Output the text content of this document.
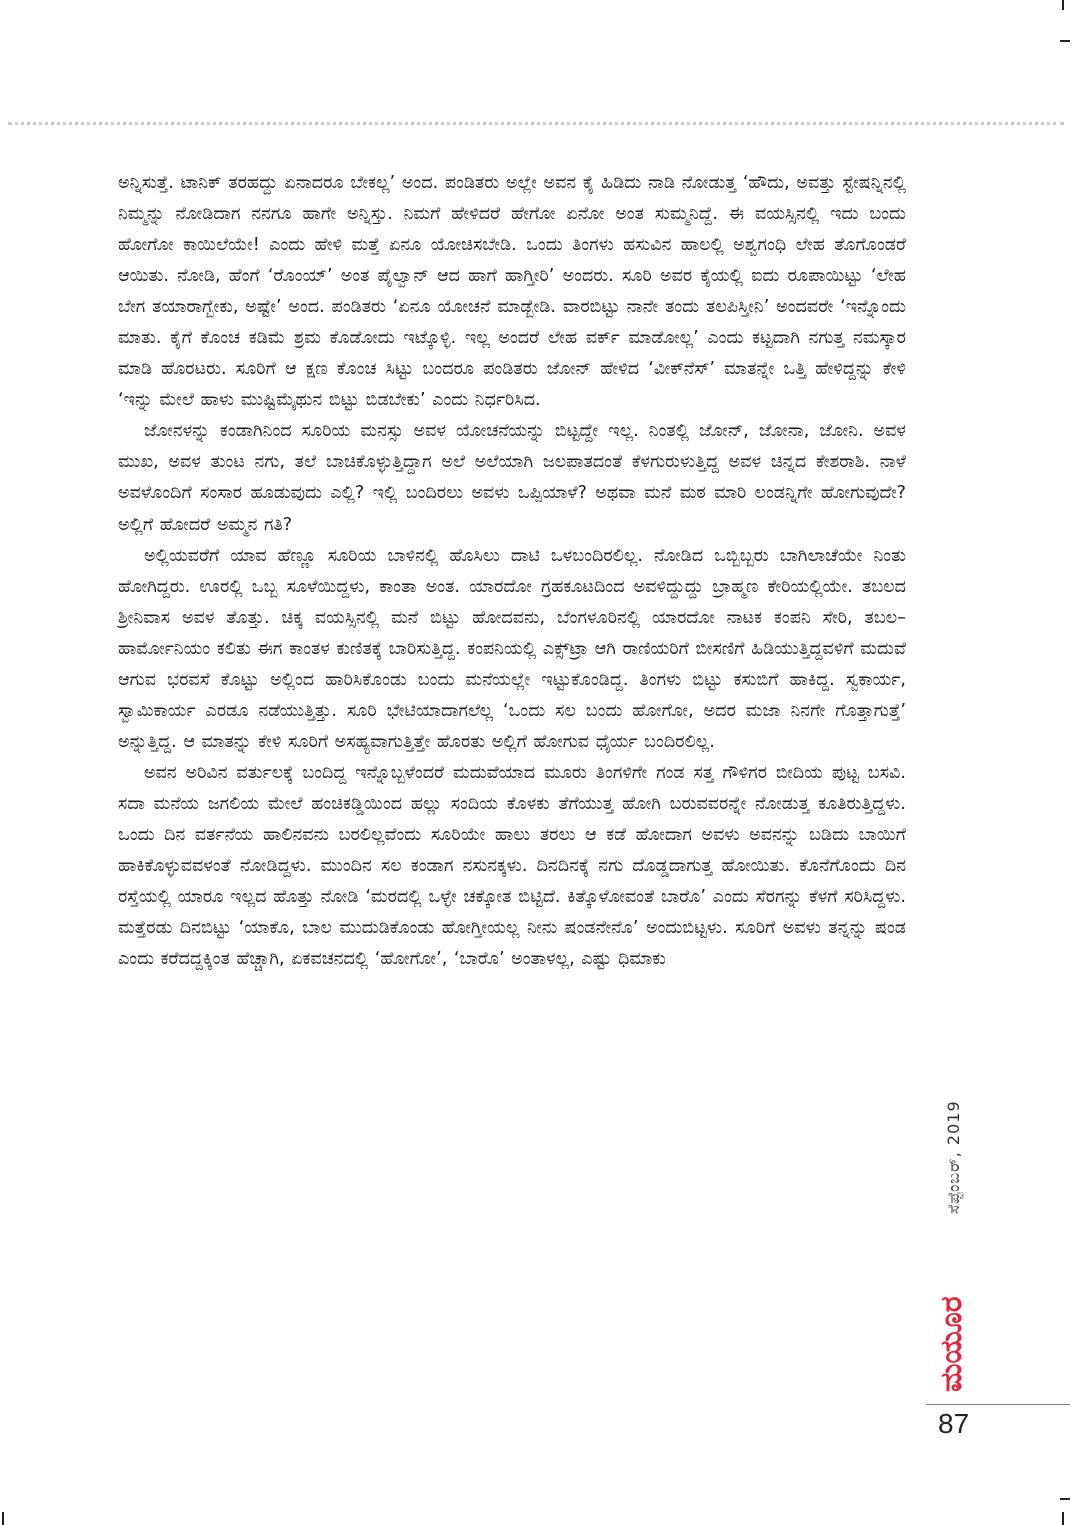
ಅನ್ನಿಸುತ್ತೆ. ಟಾನಿಕ್ ತರಹದ್ದು ಏನಾದರೂ ಬೇಕಲ್ಲ’ ಅಂದ. ಪಂಡಿತರು ಅಲ್ಲೇ ಅವನ ಕೈ ಹಿಡಿದು ನಾಡಿ ನೋಡುತ್ತ ‘ಹೌದು, ಅವತ್ತು ಸ್ಟೇಷನ್ನಿನಲ್ಲಿ ನಿಮ್ಮನ್ನು ನೋಡಿದಾಗ ನನಗೂ ಹಾಗೇ ಅನ್ನಿಸ್ತು. ನಿಮಗೆ ಹೇಳಿದರೆ ಹೇಗೋ ಏನೋ ಅಂತ ಸುಮ್ಮನಿದ್ದೆ. ಈ ವಯಸ್ಸಿನಲ್ಲಿ ಇದು ಬಂದು ಹೋಗೋ ಕಾಯಿಲೆಯೇ! ಎಂದು ಹೇಳಿ ಮತ್ತೆ ಏನೂ ಯೋಚಿಸಬೇಡಿ. ಒಂದು ತಿಂಗಳು ಹಸುವಿನ ಹಾಲಲ್ಲಿ ಅಶ್ವಗಂಧಿ ಲೇಹ ತೊಗೊಂಡರೆ ಆಯಿತು. ನೋಡಿ, ಹೆಂಗೆ ‘ರೊಂಯ್’ ಅಂತ ಪೈಲ್ವಾನ್ ಆದ ಹಾಗೆ ಹಾಗ್ತೀರಿ’ ಅಂದರು. ಸೂರಿ ಅವರ ಕೈಯಲ್ಲಿ ಐದು ರೂಪಾಯಿಟ್ಟು ‘ಲೇಹ ಬೇಗ ತಯಾರಾಗ್ಬೇಕು, ಅಷ್ಟೇ’ ಅಂದ. ಪಂಡಿತರು ‘ಏನೂ ಯೋಚನೆ ಮಾಡ್ಬೇಡಿ. ವಾರಬಿಟ್ಟು ನಾನೇ ತಂದು ತಲಪಿಸ್ತೀನಿ’ ಅಂದವರೇ ‘ಇನ್ನೊಂದು ಮಾತು. ಕೈಗೆ ಕೊಂಚ ಕಡಿಮೆ ಶ್ರಮ ಕೊಡೋದು ಇಟ್ಕೊಳ್ಳಿ. ಇಲ್ಲ ಅಂದರೆ ಲೇಹ ವರ್ಕ್ ಮಾಡೋಲ್ಲ’ ಎಂದು ಕಟ್ಟದಾಗಿ ನಗುತ್ತ ನಮಸ್ಕಾರ ಮಾಡಿ ಹೊರಟರು. ಸೂರಿಗೆ ಆ ಕ್ಷಣ ಕೊಂಚ ಸಿಟ್ಟು ಬಂದರೂ ಪಂಡಿತರು ಜೋನ್ ಹೇಳಿದ ‘ವೀಕ್‌ನೆಸ್’ ಮಾತನ್ನೇ ಒತ್ತಿ ಹೇಳಿದ್ದನ್ನು ಕೇಳಿ ‘ಇನ್ನು ಮೇಲೆ ಹಾಳು ಮುಷ್ಟಿಮೈಥುನ ಬಿಟ್ಟು ಬಿಡಬೇಕು’ ಎಂದು ನಿರ್ಧರಿಸಿದ.

ಜೋನಳನ್ನು ಕಂಡಾಗಿನಿಂದ ಸೂರಿಯ ಮನಸ್ಸು ಅವಳ ಯೋಚನೆಯನ್ನು ಬಿಟ್ಟದ್ದೇ ಇಲ್ಲ. ನಿಂತಲ್ಲಿ ಜೋನ್, ಜೋನಾ, ಜೋನಿ. ಅವಳ ಮುಖ, ಅವಳ ತುಂಟ ನಗು, ತಲೆ ಬಾಚಿಕೊಳ್ಳುತ್ತಿದ್ದಾಗ ಅಲೆ ಅಲೆಯಾಗಿ ಜಲಪಾತದಂತೆ ಕೆಳಗುರುಳುತ್ತಿದ್ದ ಅವಳ ಚಿನ್ನದ ಕೇಶರಾಶಿ. ನಾಳೆ ಅವಳೊಂದಿಗೆ ಸಂಸಾರ ಹೂಡುವುದು ಎಲ್ಲಿ? ಇಲ್ಲಿ ಬಂದಿರಲು ಅವಳು ಒಪ್ಪಿಯಾಳೆ? ಅಥವಾ ಮನೆ ಮಠ ಮಾರಿ ಲಂಡನ್ನಿಗೇ ಹೋಗುವುದೇ? ಅಲ್ಲಿಗೆ ಹೋದರೆ ಅಮ್ಮನ ಗತಿ?

ಅಲ್ಲಿಯವರೆಗೆ ಯಾವ ಹೆಣ್ಣೂ ಸೂರಿಯ ಬಾಳಿನಲ್ಲಿ ಹೊಸಿಲು ದಾಟಿ ಒಳಬಂದಿರಲಿಲ್ಲ. ನೋಡಿದ ಒಬ್ಬಿಬ್ಬರು ಬಾಗಿಲಾಚೆಯೇ ನಿಂತು ಹೋಗಿದ್ದರು. ಊರಲ್ಲಿ ಒಬ್ಬ ಸೂಳೆಯಿದ್ದಳು, ಕಾಂತಾ ಅಂತ. ಯಾರದೋ ಗ್ರಹಕೂಟದಿಂದ ಅವಳಿದ್ದುದ್ದು ಬ್ರಾಹ್ಮಣ ಕೇರಿಯಲ್ಲಿಯೇ. ತಬಲದ ಶ್ರೀನಿವಾಸ ಅವಳ ತೊತ್ತು. ಚಿಕ್ಕ ವಯಸ್ಸಿನಲ್ಲಿ ಮನೆ ಬಿಟ್ಟು ಹೋದವನು, ಬೆಂಗಳೂರಿನಲ್ಲಿ ಯಾರದೋ ನಾಟಕ ಕಂಪನಿ ಸೇರಿ, ತಬಲ–ಹಾರ್ಮೋನಿಯಂ ಕಲಿತು ಈಗ ಕಾಂತಳ ಕುಣಿತಕ್ಕೆ ಬಾರಿಸುತ್ತಿದ್ದ. ಕಂಪನಿಯಲ್ಲಿ ಎಕ್ಸ್‌ಟ್ರಾ ಆಗಿ ರಾಣಿಯರಿಗೆ ಬೀಸಣಿಗೆ ಹಿಡಿಯುತ್ತಿದ್ದವಳಿಗೆ ಮದುವೆ ಆಗುವ ಭರವಸೆ ಕೊಟ್ಟು ಅಲ್ಲಿಂದ ಹಾರಿಸಿಕೊಂಡು ಬಂದು ಮನೆಯಲ್ಲೇ ಇಟ್ಟುಕೊಂಡಿದ್ದ. ತಿಂಗಳು ಬಿಟ್ಟು ಕಸುಬಿಗೆ ಹಾಕಿದ್ದ. ಸ್ವಕಾರ್ಯ, ಸ್ವಾಮಿಕಾರ್ಯ ಎರಡೂ ನಡೆಯುತ್ತಿತ್ತು. ಸೂರಿ ಭೇಟಿಯಾದಾಗಲೆಲ್ಲ ‘ಒಂದು ಸಲ ಬಂದು ಹೋಗೋ, ಅದರ ಮಜಾ ನಿನಗೇ ಗೊತ್ತಾಗುತ್ತೆ’ ಅನ್ನುತ್ತಿದ್ದ. ಆ ಮಾತನ್ನು ಕೇಳಿ ಸೂರಿಗೆ ಅಸಹ್ಯವಾಗುತ್ತಿತ್ತೇ ಹೊರತು ಅಲ್ಲಿಗೆ ಹೋಗುವ ಧೈರ್ಯ ಬಂದಿರಲಿಲ್ಲ.

ಅವನ ಅರಿವಿನ ವರ್ತುಲಕ್ಕೆ ಬಂದಿದ್ದ ಇನ್ನೊಬ್ಬಳೆಂದರೆ ಮದುವೆಯಾದ ಮೂರು ತಿಂಗಳಿಗೇ ಗಂಡ ಸತ್ತ ಗೌಳಿಗರ ಬೀದಿಯ ಪುಟ್ಟ ಬಸವಿ. ಸದಾ ಮನೆಯ ಜಗಲಿಯ ಮೇಲೆ ಹಂಚಿಕಡ್ಡಿಯಿಂದ ಹಲ್ಲು ಸಂದಿಯ ಕೊಳಕು ತೆಗೆಯುತ್ತ ಹೋಗಿ ಬರುವವರನ್ನೇ ನೋಡುತ್ತ ಕೂತಿರುತ್ತಿದ್ದಳು. ಒಂದು ದಿನ ವರ್ತನೆಯ ಹಾಲಿನವನು ಬರಲಿಲ್ಲವೆಂದು ಸೂರಿಯೇ ಹಾಲು ತರಲು ಆ ಕಡೆ ಹೋದಾಗ ಅವಳು ಅವನನ್ನು ಬಡಿದು ಬಾಯಿಗೆ ಹಾಕಿಕೊಳ್ಳುವವಳಂತೆ ನೋಡಿದ್ದಳು. ಮುಂದಿನ ಸಲ ಕಂಡಾಗ ನಸುನಕ್ಕಳು. ದಿನದಿನಕ್ಕೆ ನಗು ದೊಡ್ಡದಾಗುತ್ತ ಹೋಯಿತು. ಕೊನೆಗೊಂದು ದಿನ ರಸ್ತೆಯಲ್ಲಿ ಯಾರೂ ಇಲ್ಲದ ಹೊತ್ತು ನೋಡಿ ‘ಮರದಲ್ಲಿ ಒಳ್ಳೇ ಚಕ್ಕೋತ ಬಿಟ್ಟಿದೆ. ಕಿತ್ಕೊಳೋವಂತೆ ಬಾರೊ’ ಎಂದು ಸೆರಗನ್ನು ಕೆಳಗೆ ಸರಿಸಿದ್ದಳು. ಮತ್ತೆರಡು ದಿನಬಿಟ್ಟು ‘ಯಾಕೊ, ಬಾಲ ಮುದುಡಿಕೊಂಡು ಹೋಗ್ತೀಯಲ್ಲ ನೀನು ಷಂಡನೇನೊ’ ಅಂದುಬಿಟ್ಟಳು. ಸೂರಿಗೆ ಅವಳು ತನ್ನನ್ನು ಷಂಡ ಎಂದು ಕರೆದದ್ದಕ್ಕಿಂತ ಹೆಚ್ಚಾಗಿ, ಏಕವಚನದಲ್ಲಿ ‘ಹೋಗೋ’, ‘ಬಾರೊ’ ಅಂತಾಳಲ್ಲ, ಎಷ್ಟು ಧಿಮಾಕು

ಸೆಪ್ಟೆಂಬರ್, 2019
ಮಯೂರ
87
